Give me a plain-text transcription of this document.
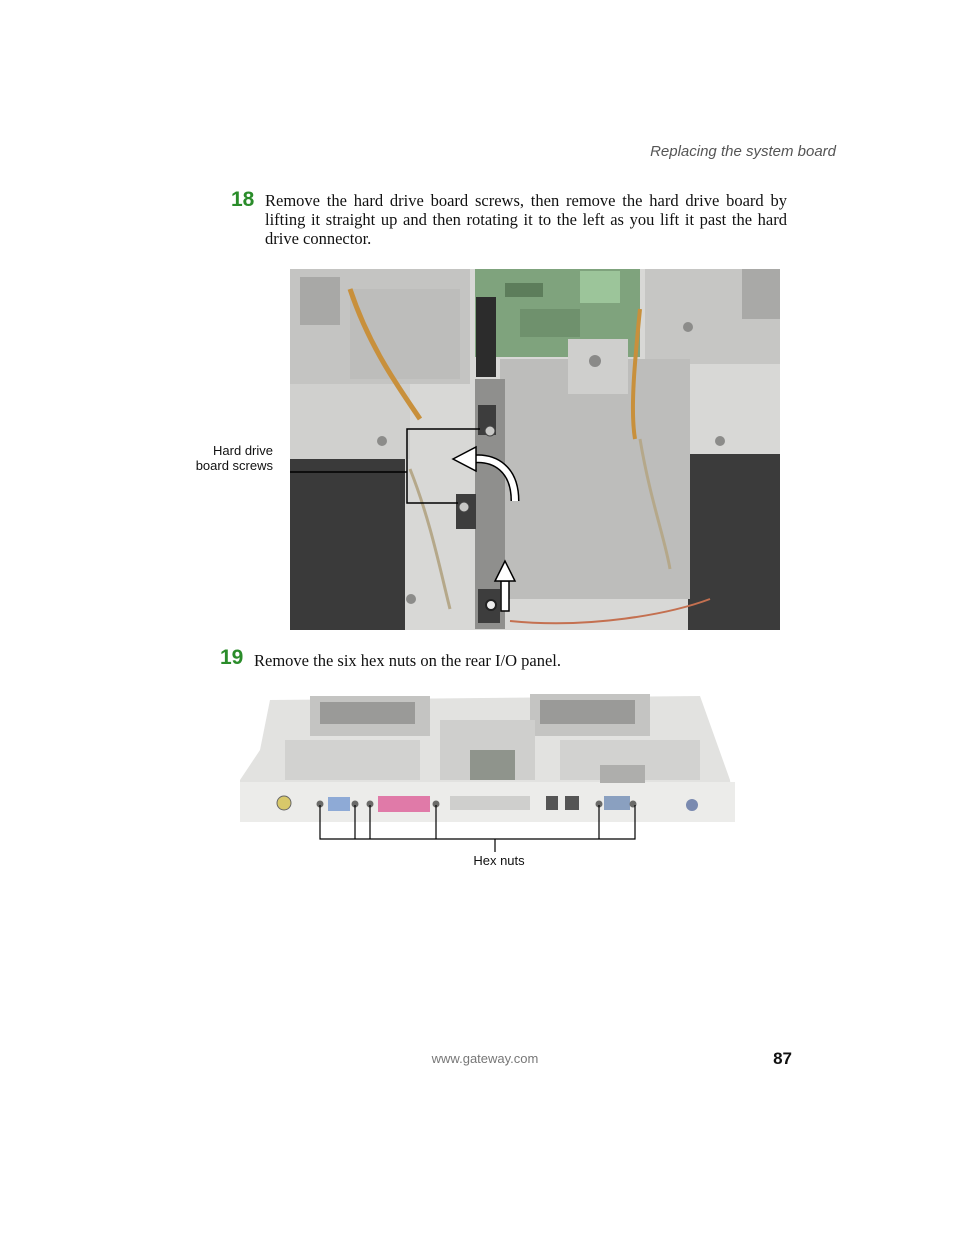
Replacing the system board
18 Remove the hard drive board screws, then remove the hard drive board by lifting it straight up and then rotating it to the left as you lift it past the hard drive connector.
Hard drive
board screws
19 Remove the six hex nuts on the rear I/O panel.
Hex nuts
www.gateway.com	87
